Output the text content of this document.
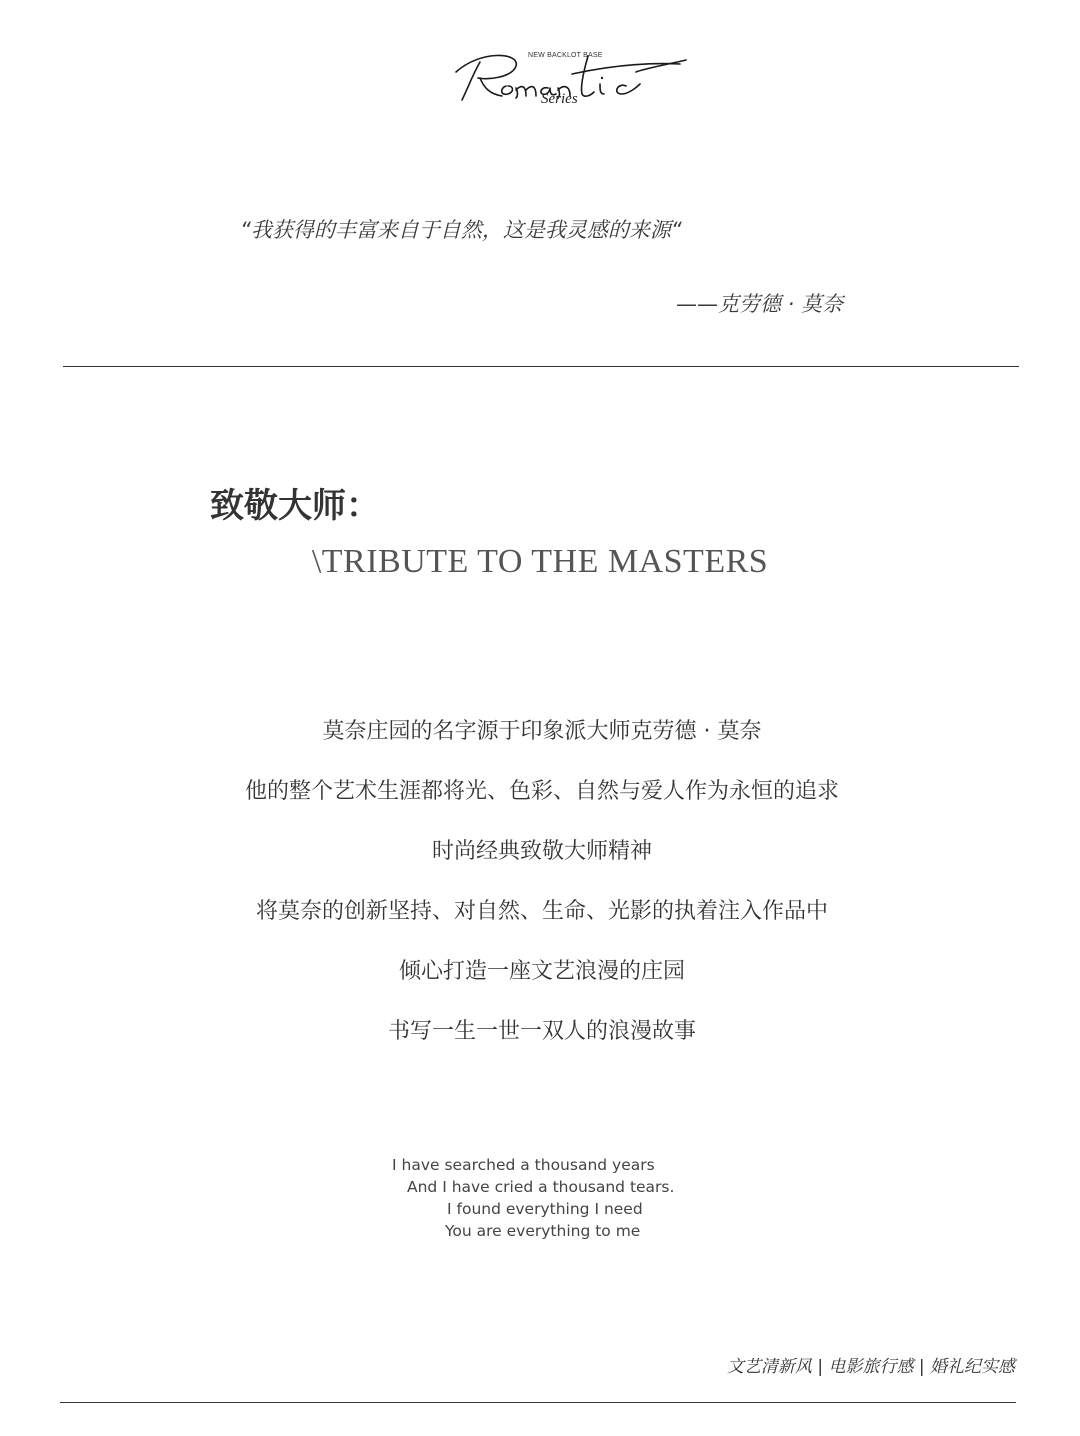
NEW BACKLOT BASE
Series
“我获得的丰富来自于自然，这是我灵感的来源“
——克劳德 · 莫奈
致敬大师：
\TRIBUTE TO THE MASTERS
莫奈庄园的名字源于印象派大师克劳德 · 莫奈
他的整个艺术生涯都将光、色彩、自然与爱人作为永恒的追求
时尚经典致敬大师精神
将莫奈的创新坚持、对自然、生命、光影的执着注入作品中
倾心打造一座文艺浪漫的庄园
书写一生一世一双人的浪漫故事
I have searched a thousand years
And I have cried a thousand tears.
I found everything I need
You are everything to me
文艺清新风 | 电影旅行感 | 婚礼纪实感
